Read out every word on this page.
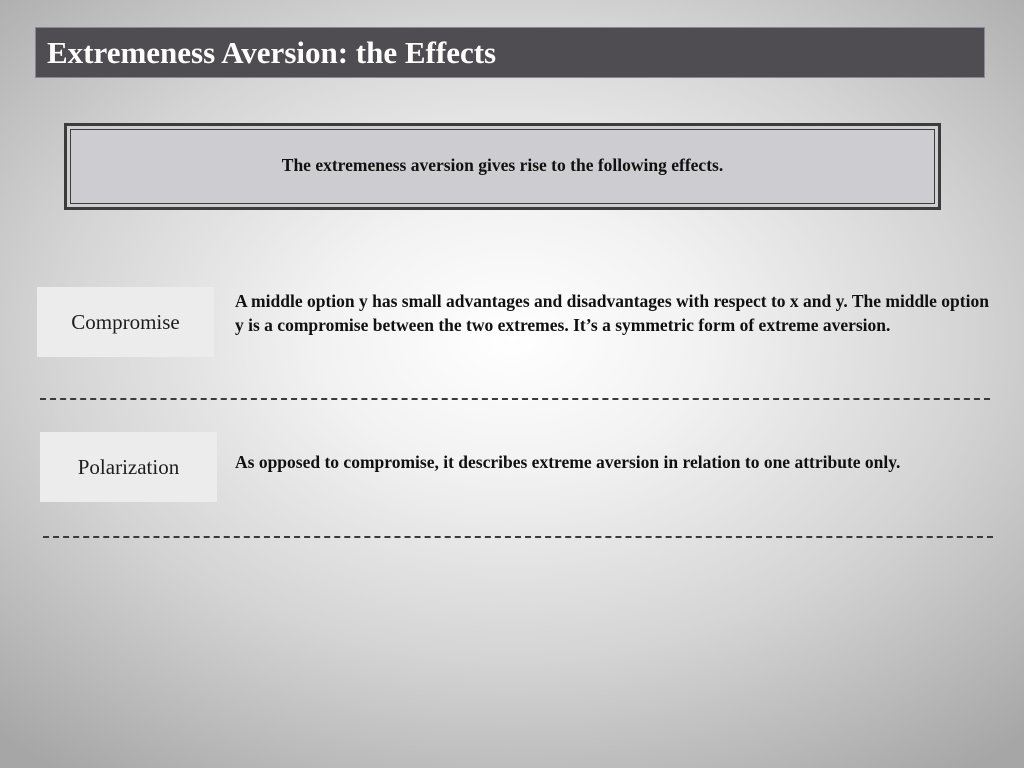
Extremeness Aversion: the Effects
The extremeness aversion gives rise to the following effects.
Compromise
A middle option y has small advantages and disadvantages with respect to x and y. The middle option y is a compromise between the two extremes. It’s a symmetric form of extreme aversion.
Polarization	As opposed to compromise, it describes extreme aversion in relation to one attribute only.
